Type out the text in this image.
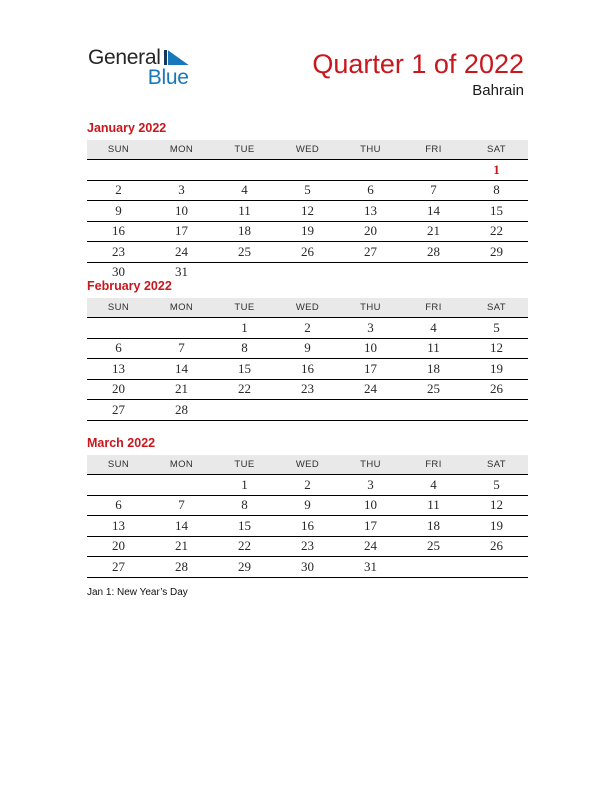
General
Blue	Quarter 1 of 2022
Bahrain
January 2022
SUN	MON	TUE	WED	THU	FRI	SAT
						1
2	3	4	5	6	7	8
9	10	11	12	13	14	15
16	17	18	19	20	21	22
23	24	25	26	27	28	29
30	31					
February 2022
SUN	MON	TUE	WED	THU	FRI	SAT
		1	2	3	4	5
6	7	8	9	10	11	12
13	14	15	16	17	18	19
20	21	22	23	24	25	26
27	28					
March 2022
SUN	MON	TUE	WED	THU	FRI	SAT
		1	2	3	4	5
6	7	8	9	10	11	12
13	14	15	16	17	18	19
20	21	22	23	24	25	26
27	28	29	30	31		
Jan 1: New Year’s Day
